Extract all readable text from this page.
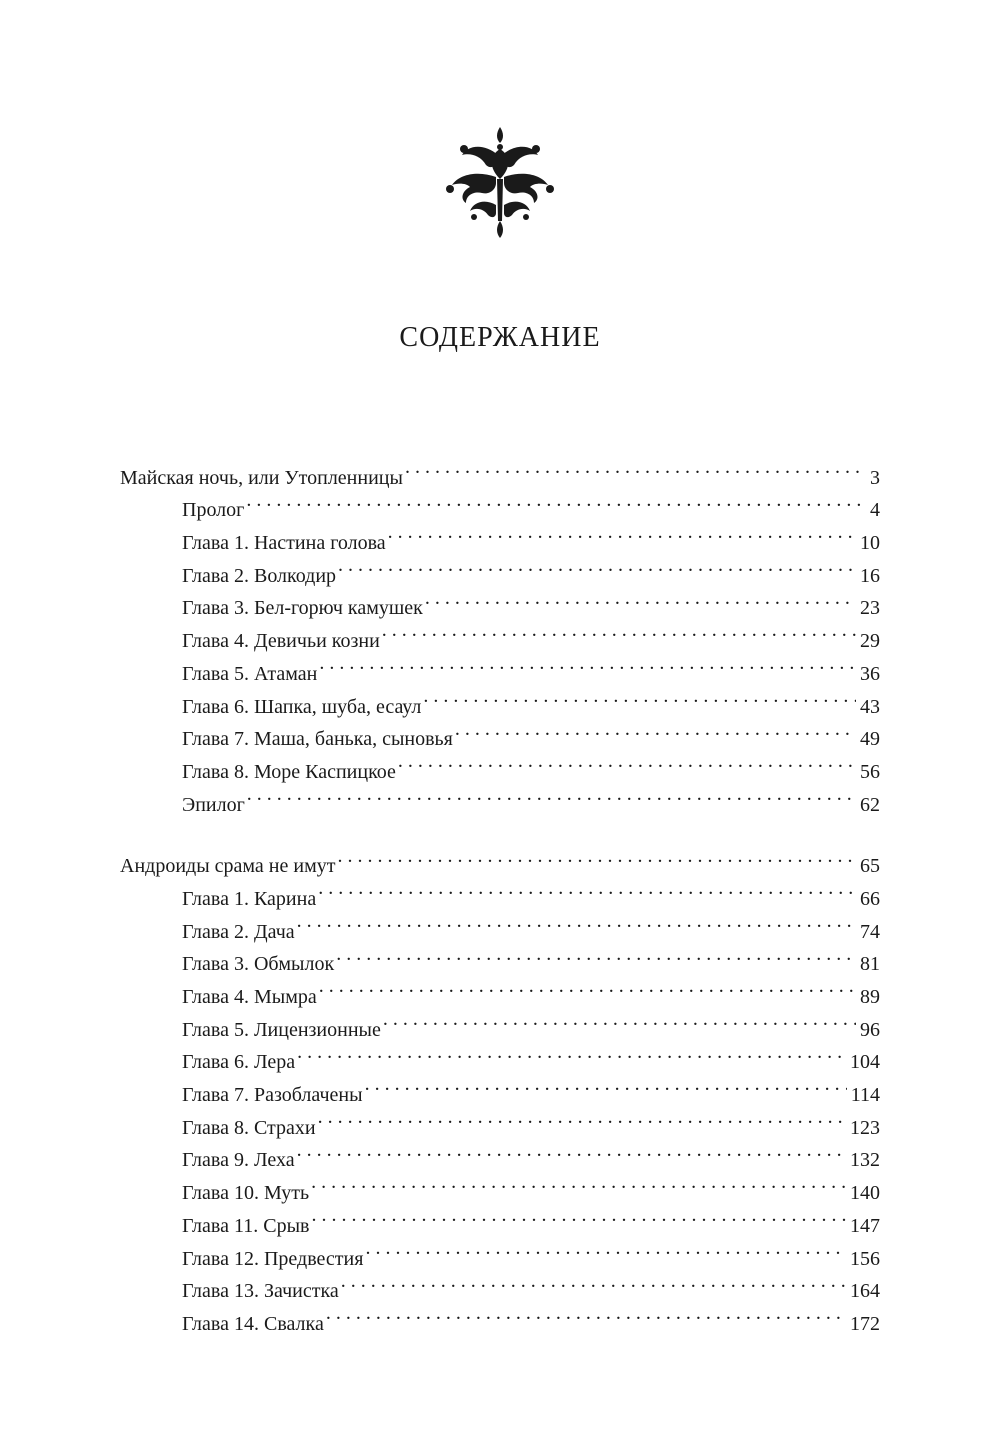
СОДЕРЖАНИЕ
Майская ночь, или Утопленницы . . .	3
Пролог . . .	4
Глава 1. Настина голова . . .	10
Глава 2. Волкодир . . .	16
Глава 3. Бел-горюч камушек . . .	23
Глава 4. Девичьи козни . . .	29
Глава 5. Атаман . . .	36
Глава 6. Шапка, шуба, есаул . . .	43
Глава 7. Маша, банька, сыновья . . .	49
Глава 8. Море Каспицкое . . .	56
Эпилог . . .	62
Андроиды срама не имут . . .	65
Глава 1. Карина . . .	66
Глава 2. Дача . . .	74
Глава 3. Обмылок . . .	81
Глава 4. Мымра . . .	89
Глава 5. Лицензионные . . .	96
Глава 6. Лера . . .	104
Глава 7. Разоблачены . . .	114
Глава 8. Страхи . . .	123
Глава 9. Леха . . .	132
Глава 10. Муть . . .	140
Глава 11. Срыв . . .	147
Глава 12. Предвестия . . .	156
Глава 13. Зачистка . . .	164
Глава 14. Свалка . . .	172
